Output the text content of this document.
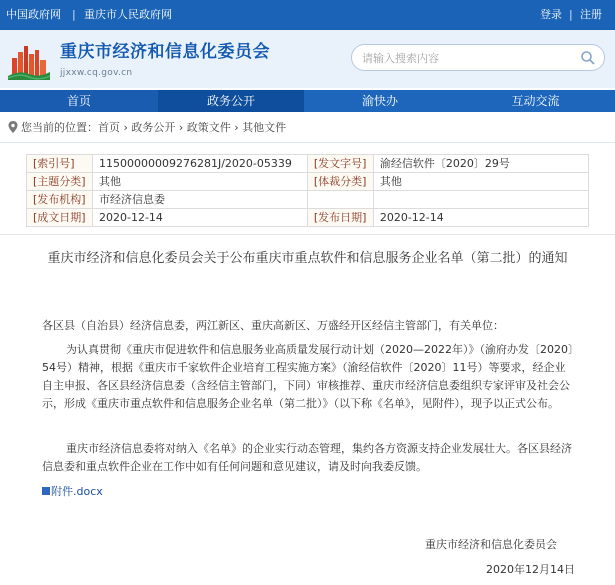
中国政府网 | 重庆市人民政府网	登录 | 注册
重庆市经济和信息化委员会
jjxxw.cq.gov.cn
请输入搜索内容
首页	政务公开	渝快办	互动交流
您当前的位置：首页 › 政务公开 › 政策文件 › 其他文件
[索引号]	11500000009276281J/2020-05339	[发文字号]	渝经信软件〔2020〕29号
[主题分类]	其他	[体裁分类]	其他
[发布机构]	市经济信息委		
[成文日期]	2020-12-14	[发布日期]	2020-12-14
重庆市经济和信息化委员会关于公布重庆市重点软件和信息服务企业名单（第二批）的通知
各区县（自治县）经济信息委，两江新区、重庆高新区、万盛经开区经信主管部门，有关单位：
为认真贯彻《重庆市促进软件和信息服务业高质量发展行动计划（2020—2022年）》（渝府办发〔2020〕54号）精神，根据《重庆市千家软件企业培育工程实施方案》（渝经信软件〔2020〕11号）等要求，经企业自主申报、各区县经济信息委（含经信主管部门，下同）审核推荐、重庆市经济信息委组织专家评审及社会公示，形成《重庆市重点软件和信息服务企业名单（第二批）》（以下称《名单》，见附件），现予以正式公布。
重庆市经济信息委将对纳入《名单》的企业实行动态管理，集约各方资源支持企业发展壮大。各区县经济信息委和重点软件企业在工作中如有任何问题和意见建议，请及时向我委反馈。
附件.docx
重庆市经济和信息化委员会
2020年12月14日
